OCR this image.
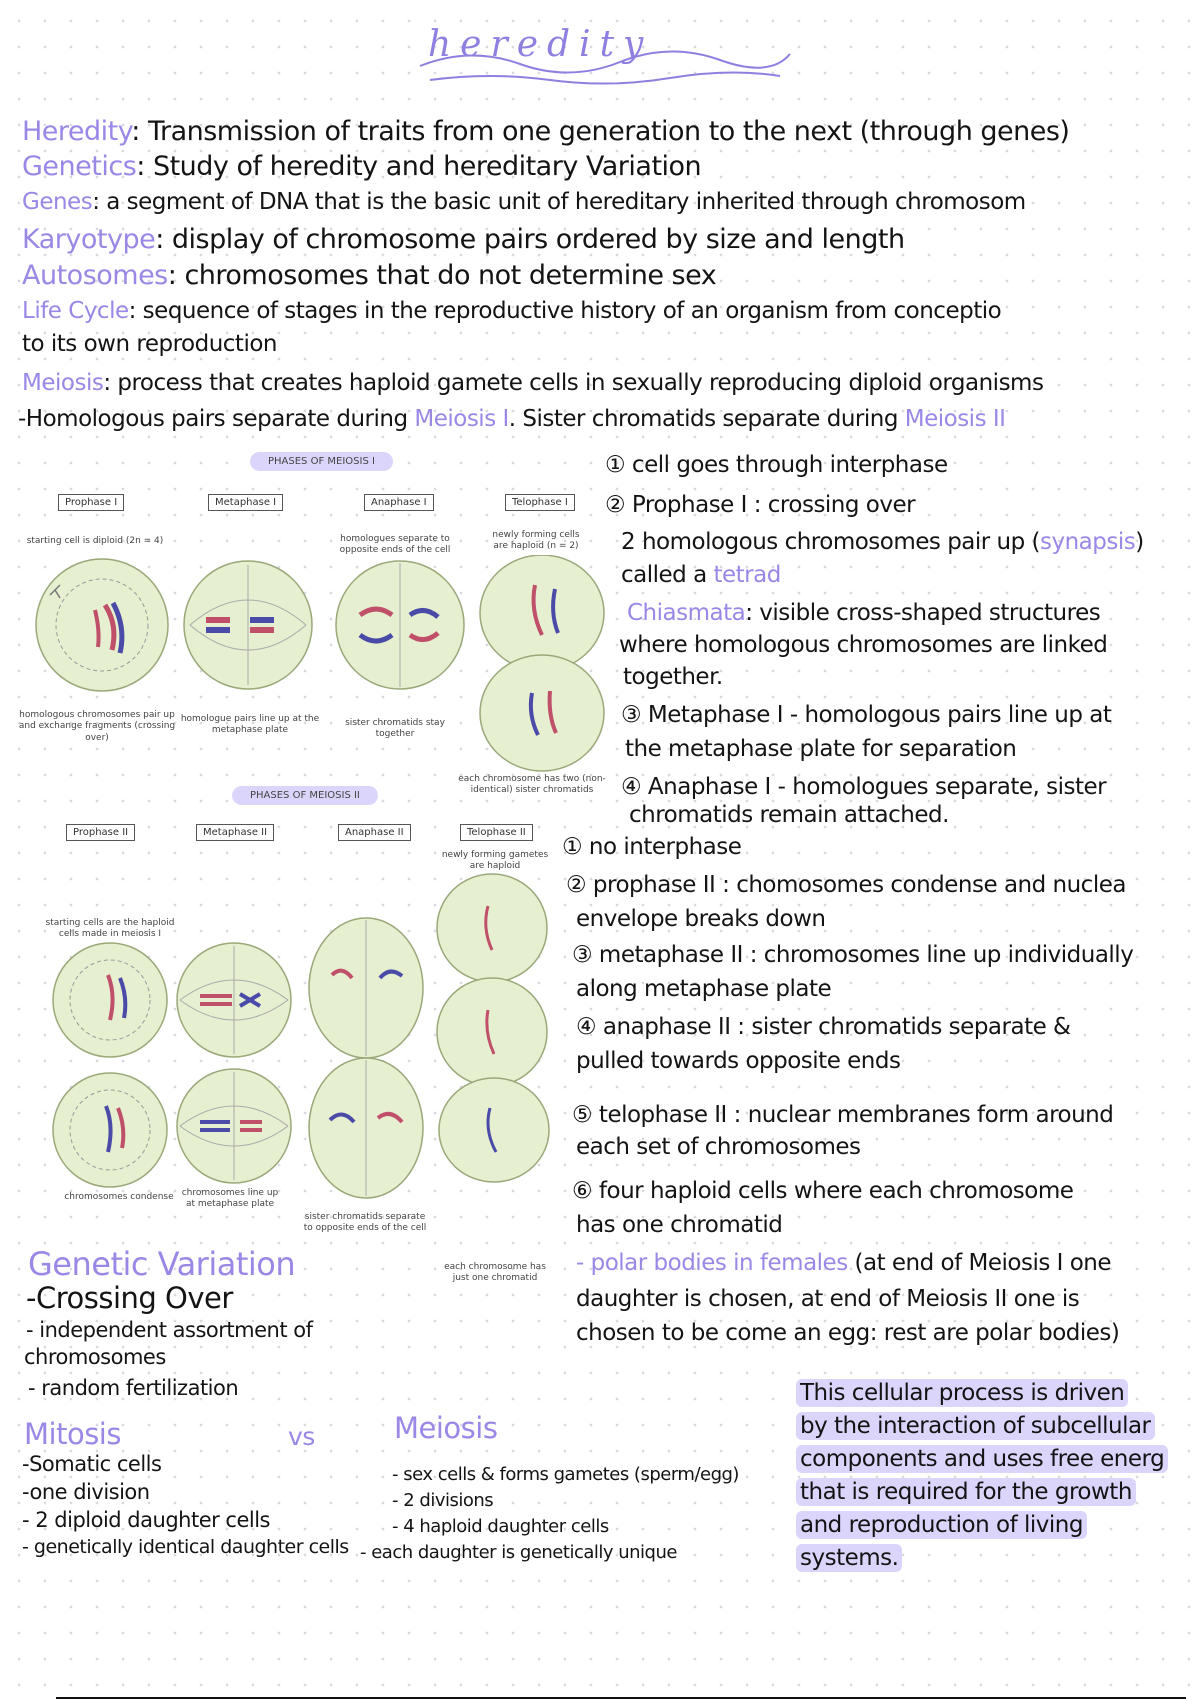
heredity
Heredity: Transmission of traits from one generation to the next (through genes)
Genetics: Study of heredity and hereditary Variation
Genes: a segment of DNA that is the basic unit of hereditary inherited through chromosom
Karyotype: display of chromosome pairs ordered by size and length
Autosomes: chromosomes that do not determine sex
Life Cycle: sequence of stages in the reproductive history of an organism from conceptio
to its own reproduction
Meiosis: process that creates haploid gamete cells in sexually reproducing diploid organisms
-Homologous pairs separate during Meiosis I. Sister chromatids separate during Meiosis II
PHASES OF MEIOSIS I
Prophase I	Metaphase I	Anaphase I	Telophase I
starting cell is diploid (2n = 4)	homologues separate to opposite ends of the cell
newly forming cells are haploid (n = 2)
homologous chromosomes pair up and exchange fragments (crossing over)
homologue pairs line up at the metaphase plate
sister chromatids stay together
each chromosome has two (non-identical) sister chromatids
① cell goes through interphase
② Prophase I : crossing over
2 homologous chromosomes pair up (synapsis)
called a tetrad
Chiasmata: visible cross-shaped structures
where homologous chromosomes are linked
together.
③ Metaphase I - homologous pairs line up at
the metaphase plate for separation
④ Anaphase I - homologues separate, sister
chromatids remain attached.
PHASES OF MEIOSIS II
Prophase II	Metaphase II	Anaphase II	Telophase II
newly forming gametes are haploid
starting cells are the haploid cells made in meiosis I
chromosomes condense chromosomes line up at metaphase plate
sister chromatids separate to opposite ends of the cell
each chromosome has just one chromatid
① no interphase
② prophase II : chomosomes condense and nuclea
envelope breaks down
③ metaphase II : chromosomes line up individually
along metaphase plate
④ anaphase II : sister chromatids separate &
pulled towards opposite ends
⑤ telophase II : nuclear membranes form around
each set of chromosomes
⑥ four haploid cells where each chromosome
has one chromatid
- polar bodies in females (at end of Meiosis I one
daughter is chosen, at end of Meiosis II one is
chosen to be come an egg: rest are polar bodies)
Genetic Variation
-Crossing Over
- independent assortment of
chromosomes
- random fertilization
Mitosis	vs	Meiosis
-Somatic cells
-one division
- 2 diploid daughter cells
- genetically identical daughter cells
- sex cells & forms gametes (sperm/egg)
- 2 divisions
- 4 haploid daughter cells
- each daughter is genetically unique
This cellular process is driven
by the interaction of subcellular
components and uses free energ
that is required for the growth
and reproduction of living
systems.
